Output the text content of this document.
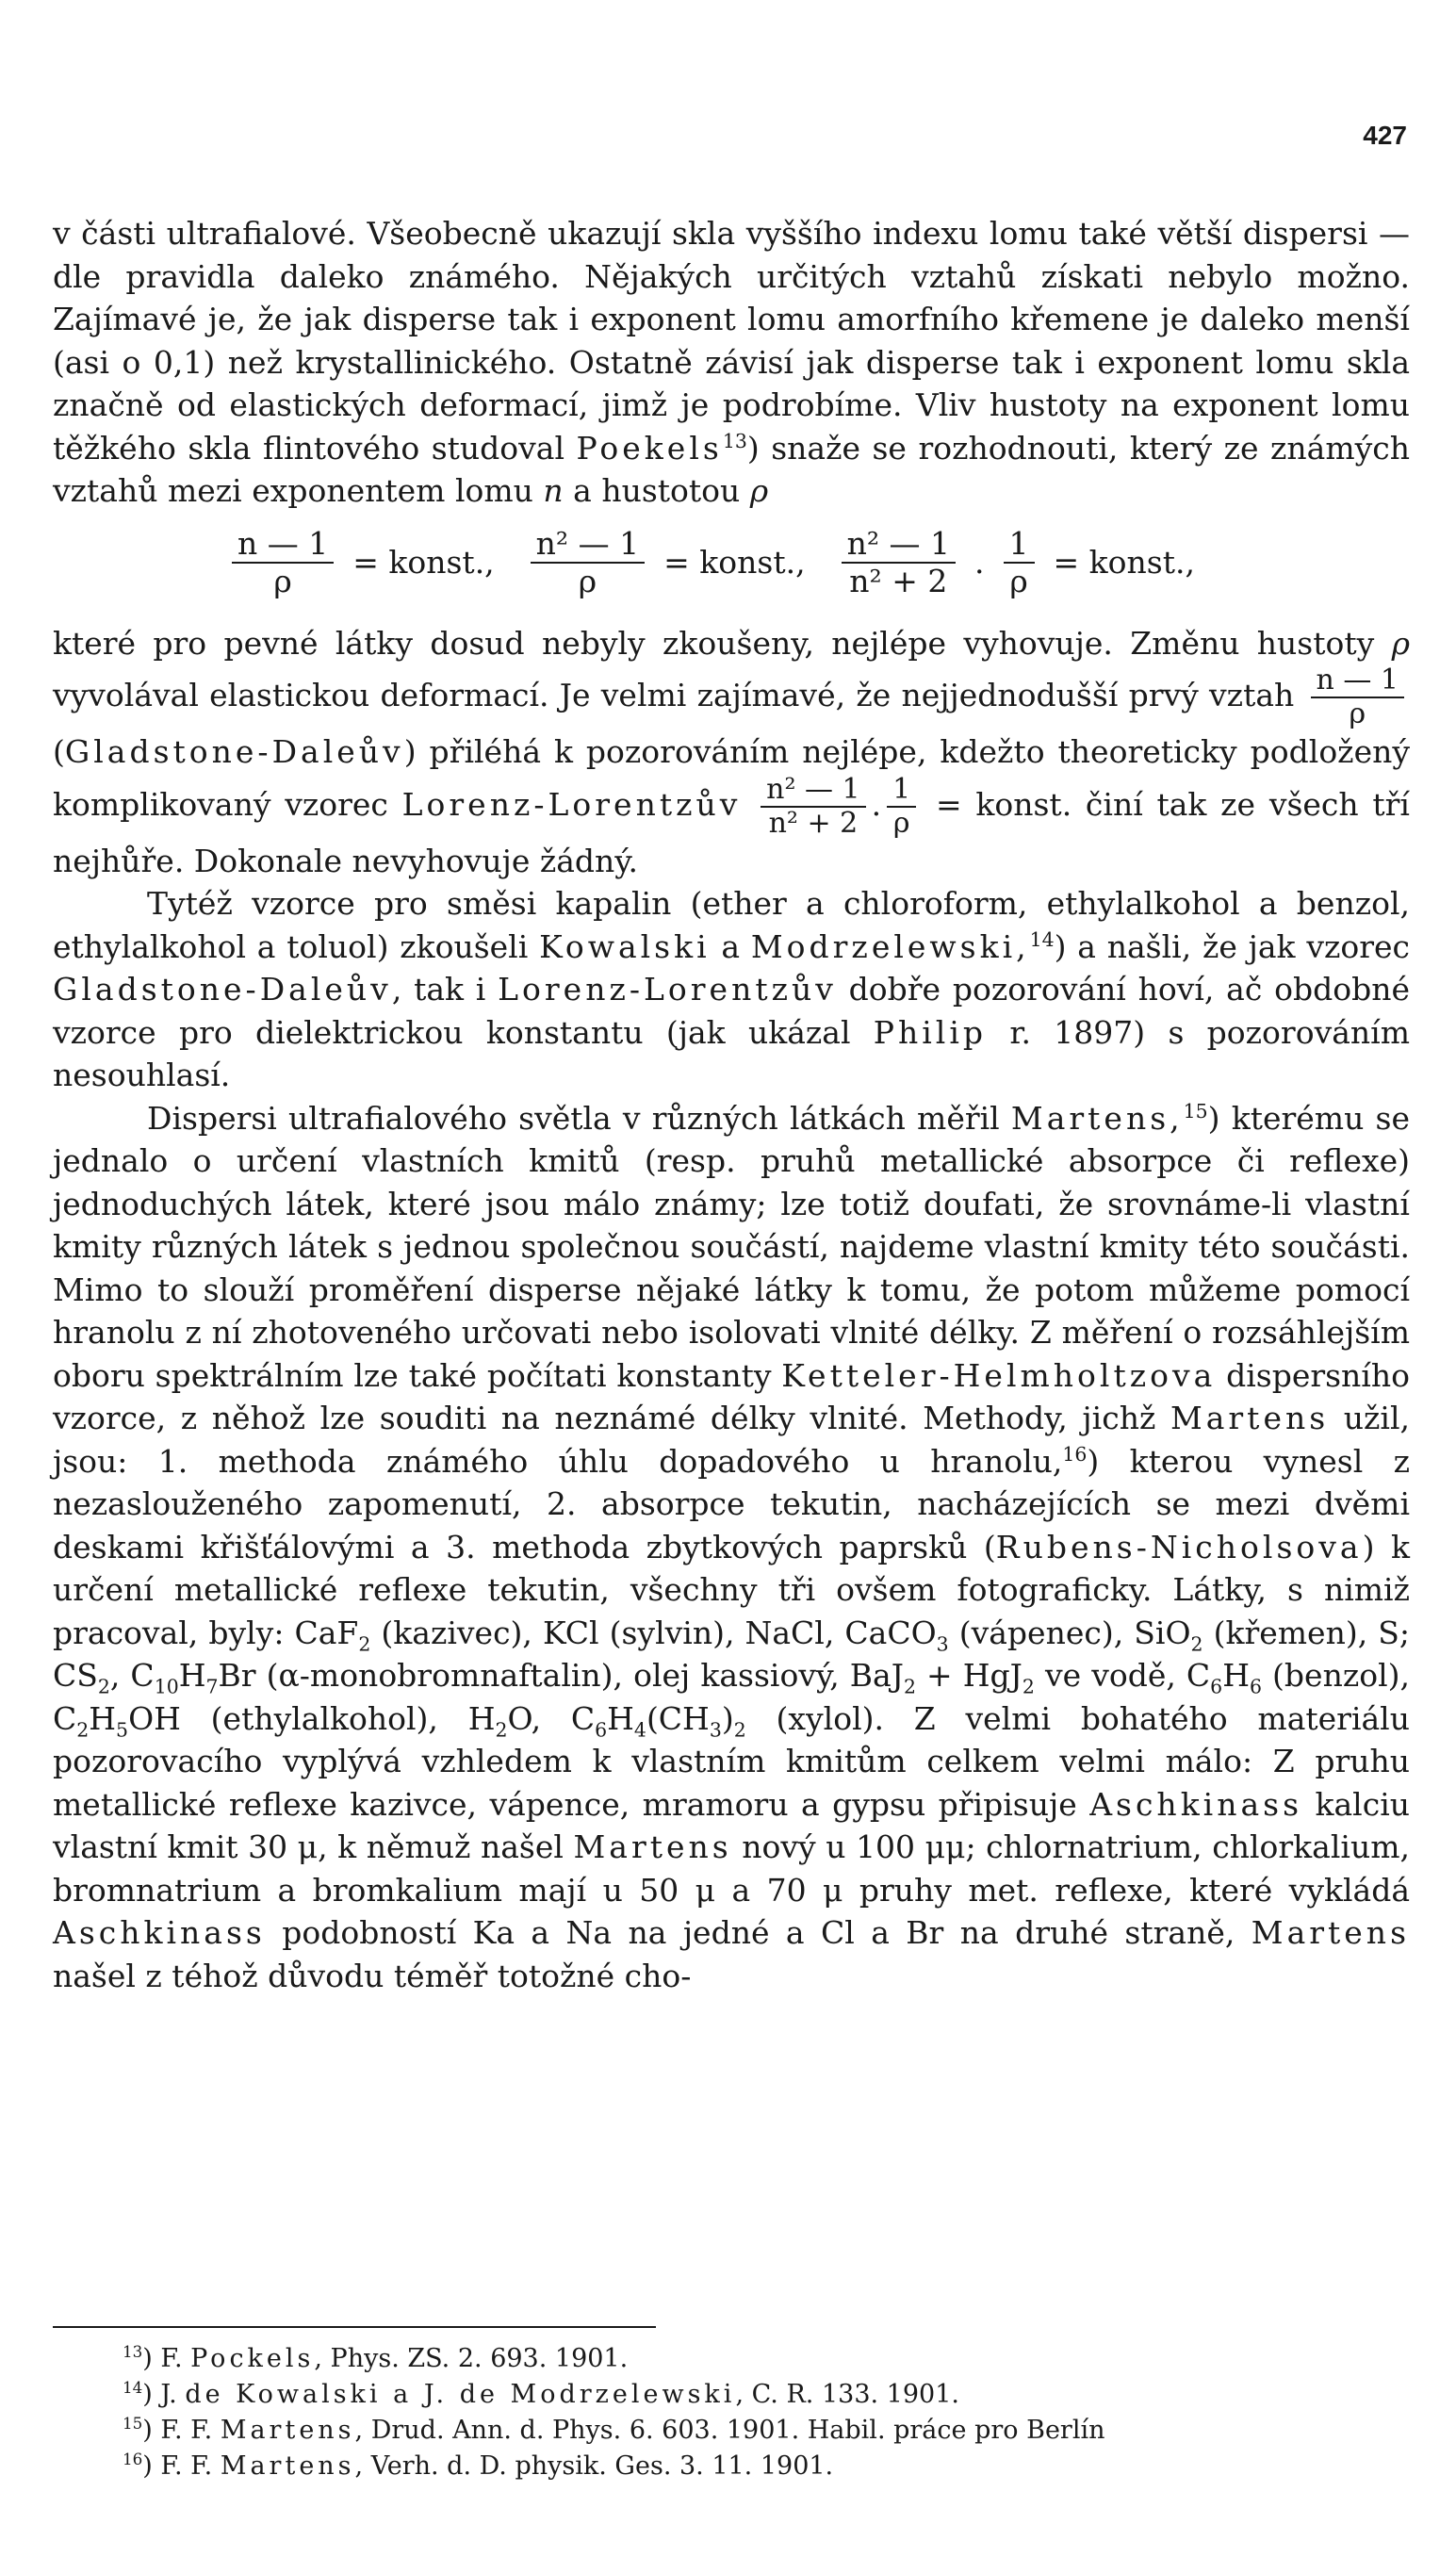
427

v části ultrafialové. Všeobecně ukazují skla vyššího indexu lomu také větší dispersi — dle pravidla daleko známého. Nějakých určitých vztahů získati nebylo možno. Zajímavé je, že jak disperse tak i exponent lomu amorfního křemene je daleko menší (asi o 0,1) než krystallinického. Ostatně závisí jak disperse tak i exponent lomu skla značně od elastických deformací, jimž je podrobíme. Vliv hustoty na exponent lomu těžkého skla flintového studoval Poekels$^{13}$) snaže se rozhodnouti, který ze známých vztahů mezi exponentem lomu n a hustotou ρ

$\frac{n — 1}{\rho}$ = konst., $\frac{\text{n² — 1}}{\rho}$ = konst., $\frac{\text{n² — 1}}{\text{n² + 2}}$ . $\frac{1}{\rho}$ = konst.,

které pro pevné látky dosud nebyly zkoušeny, nejlépe vyhovuje. Změnu hustoty ρ vyvolával elastickou deformací. Je velmi zajímavé, že nejjednodušší prvý vztah $\frac{n — 1}{\rho}$
(Gladstone-Daleův) přiléhá k pozorováním nejlépe, kdežto theoreticky podložený komplikovaný vzorec Lorenz-Lorentzův $\frac{\text{n² — 1}}{\text{n² + 2}}$ . $\frac{1}{\rho}$ = konst. činí tak ze všech tří nejhůře. Dokonale nevyhovuje žádný.

Tytéž vzorce pro směsi kapalin (ether a chloroform, ethylalkohol a benzol, ethylalkohol a toluol) zkoušeli Kowalski a Modrzelewski,$^{14}$) a našli, že jak vzorec Gladstone-Daleův, tak i Lorenz-Lorentzův dobře pozorování hoví, ač obdobné vzorce pro dielektrickou konstantu (jak ukázal Philip r. 1897) s pozorováním nesouhlasí.

Dispersi ultrafialového světla v různých látkách měřil Martens,$^{15}$) kterému se jednalo o určení vlastních kmitů (resp. pruhů metallické absorpce či reflexe) jednoduchých látek, které jsou málo známy; lze totiž doufati, že srovnáme-li vlastní kmity různých látek s jednou společnou součástí, najdeme vlastní kmity této součásti. Mimo to slouží proměření disperse nějaké látky k tomu, že potom můžeme pomocí hranolu z ní zhotoveného určovati nebo isolovati vlnité délky. Z měření o rozsáhlejším oboru spektrálním lze také počítati konstanty Ketteler-Helmholtzova dispersního vzorce, z něhož lze souditi na neznámé délky vlnité. Methody, jichž Martens užil, jsou: 1. methoda známého úhlu dopadového u hranolu,$^{16}$) kterou vynesl z nezaslouženého zapomenutí, 2. absorpce tekutin, nacházejících se mezi dvěmi deskami křišťálovými a 3. methoda zbytkových paprsků (Rubens-Nicholsova) k určení metallické reflexe tekutin, všechny tři ovšem fotograficky. Látky, s nimiž pracoval, byly: CaF$_2$ (kazivec), KCl (sylvin), NaCl, CaCO$_3$ (vápenec), SiO$_2$ (křemen), S; $CS_2$, $C_{10}H_7Br$ (α-monobromnaftalin), olej kassiový, BaJ$_2$ + HgJ$_2$ ve vodě, $C_6H_6$ (benzol), $C_2H_5OH$ (ethylalkohol), $H_2O$, $C_6H_4(CH_3)_2$ (xylol). Z velmi bohatého materiálu pozorovacího vyplývá vzhledem k vlastním kmitům celkem velmi málo: Z pruhu metallické reflexe kazivce, vápence, mramoru a gypsu připisuje Aschkinass kalciu vlastní kmit 30 μ, k němuž našel Martens nový u 100 μμ; chlornatrium, chlorkalium, bromnatrium a bromkalium mají u 50 μ a 70 μ pruhy met. reflexe, které vykládá Aschkinass podobností Ka a Na na jedné a Cl a Br na druhé straně, Martens našel z téhož důvodu téměř totožné cho-

$^{13}$) F. Pockels, Phys. ZS. 2. 693. 1901.
$^{14}$) J. de Kowalski a J. de Modrzelewski, C. R. 133. 1901.
$^{15}$) F. F. Martens, Drud. Ann. d. Phys. 6. 603. 1901. Habil. práce pro Berlín
$^{16}$) F. F. Martens, Verh. d. D. physik. Ges. 3. 11. 1901.
